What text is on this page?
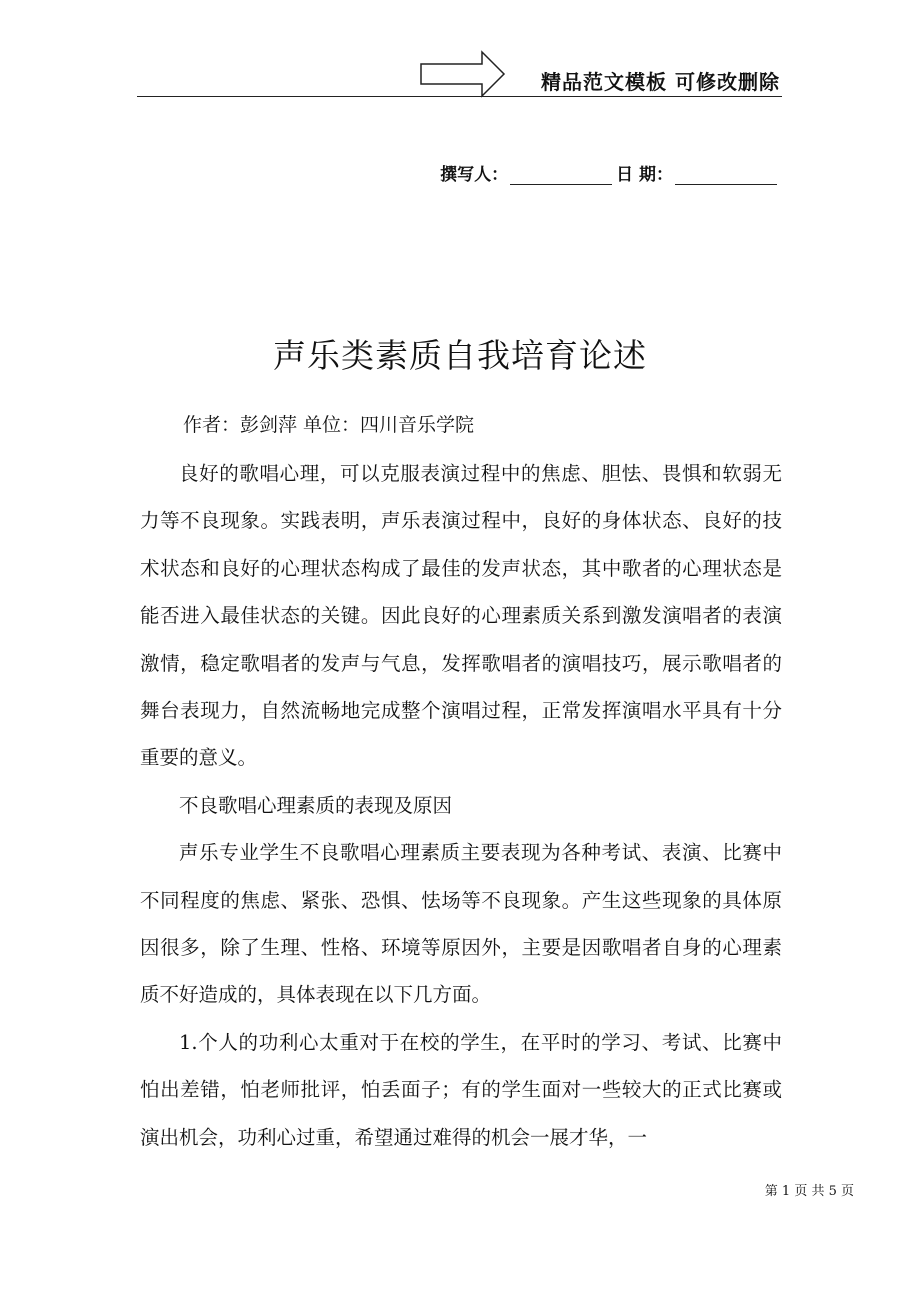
精品范文模板 可修改删除
撰写人：	日 期：
声乐类素质自我培育论述
作者：彭剑萍 单位：四川音乐学院

良好的歌唱心理，可以克服表演过程中的焦虑、胆怯、畏惧和软弱无力等不良现象。实践表明，声乐表演过程中，良好的身体状态、良好的技术状态和良好的心理状态构成了最佳的发声状态，其中歌者的心理状态是能否进入最佳状态的关键。因此良好的心理素质关系到激发演唱者的表演激情，稳定歌唱者的发声与气息，发挥歌唱者的演唱技巧，展示歌唱者的舞台表现力，自然流畅地完成整个演唱过程，正常发挥演唱水平具有十分重要的意义。

不良歌唱心理素质的表现及原因

声乐专业学生不良歌唱心理素质主要表现为各种考试、表演、比赛中不同程度的焦虑、紧张、恐惧、怯场等不良现象。产生这些现象的具体原因很多，除了生理、性格、环境等原因外，主要是因歌唱者自身的心理素质不好造成的，具体表现在以下几方面。

1.个人的功利心太重对于在校的学生，在平时的学习、考试、比赛中怕出差错，怕老师批评，怕丢面子；有的学生面对一些较大的正式比赛或演出机会，功利心过重，希望通过难得的机会一展才华，一

第 1 页 共 5 页
